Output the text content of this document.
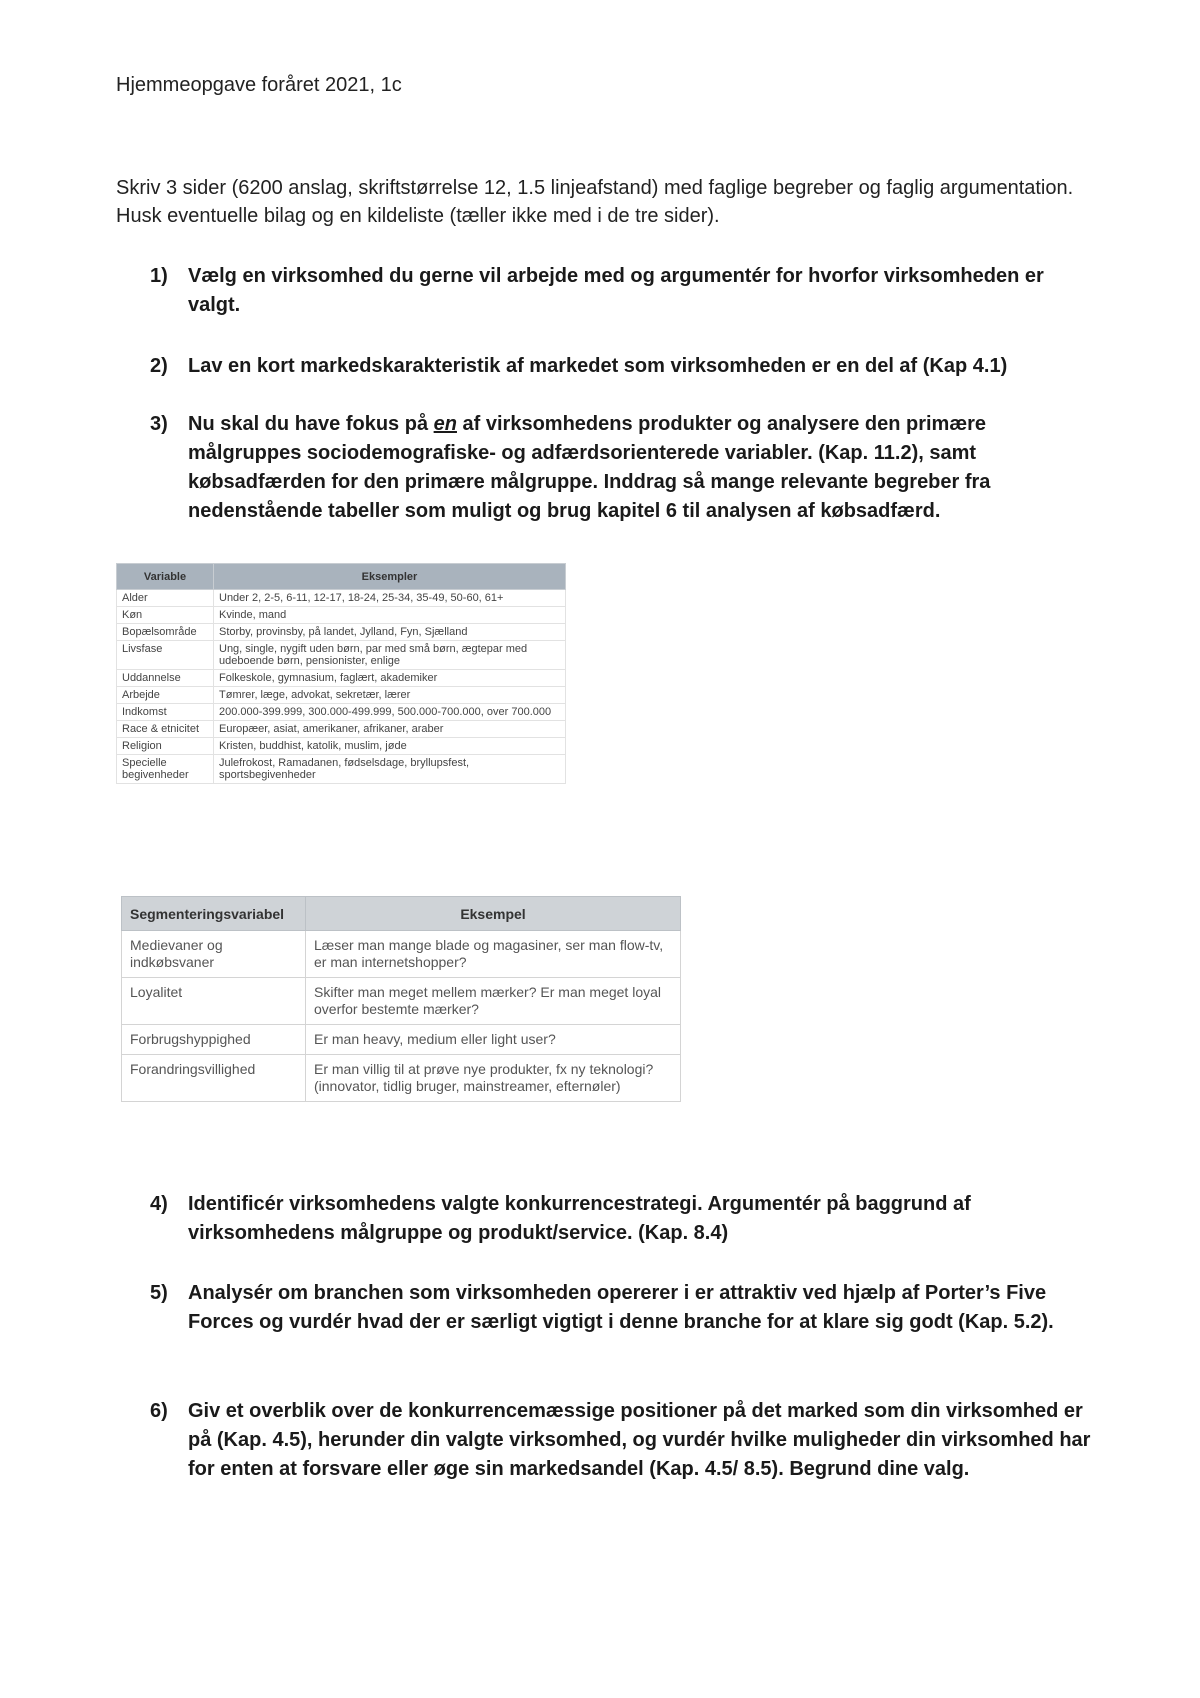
Hjemmeopgave foråret 2021, 1c
Skriv 3 sider (6200 anslag, skriftstørrelse 12, 1.5 linjeafstand) med faglige begreber og faglig argumentation. Husk eventuelle bilag og en kildeliste (tæller ikke med i de tre sider).
1)	Vælg en virksomhed du gerne vil arbejde med og argumentér for hvorfor virksomheden er valgt.
2)	Lav en kort markedskarakteristik af markedet som virksomheden er en del af (Kap 4.1)
3)	Nu skal du have fokus på en af virksomhedens produkter og analysere den primære målgruppes sociodemografiske- og adfærdsorienterede variabler. (Kap. 11.2), samt købsadfærden for den primære målgruppe. Inddrag så mange relevante begreber fra nedenstående tabeller som muligt og brug kapitel 6 til analysen af købsadfærd.
Variable	Eksempler
Alder	Under 2, 2-5, 6-11, 12-17, 18-24, 25-34, 35-49, 50-60, 61+
Køn	Kvinde, mand
Bopælsområde	Storby, provinsby, på landet, Jylland, Fyn, Sjælland
Livsfase	Ung, single, nygift uden børn, par med små børn, ægtepar med udeboende børn, pensionister, enlige
Uddannelse	Folkeskole, gymnasium, faglært, akademiker
Arbejde	Tømrer, læge, advokat, sekretær, lærer
Indkomst	200.000-399.999, 300.000-499.999, 500.000-700.000, over 700.000
Race & etnicitet	Europæer, asiat, amerikaner, afrikaner, araber
Religion	Kristen, buddhist, katolik, muslim, jøde
Specielle begivenheder	Julefrokost, Ramadanen, fødselsdage, bryllupsfest, sportsbegivenheder
Segmenteringsvariabel	Eksempel
Medievaner og indkøbsvaner	Læser man mange blade og magasiner, ser man flow-tv, er man internetshopper?
Loyalitet	Skifter man meget mellem mærker? Er man meget loyal overfor bestemte mærker?
Forbrugshyppighed	Er man heavy, medium eller light user?
Forandringsvillighed	Er man villig til at prøve nye produkter, fx ny teknologi? (innovator, tidlig bruger, mainstreamer, efternøler)
4)	Identificér virksomhedens valgte konkurrencestrategi. Argumentér på baggrund af virksomhedens målgruppe og produkt/service. (Kap. 8.4)
5)	Analysér om branchen som virksomheden opererer i er attraktiv ved hjælp af Porter’s Five Forces og vurdér hvad der er særligt vigtigt i denne branche for at klare sig godt (Kap. 5.2).
6)	Giv et overblik over de konkurrencemæssige positioner på det marked som din virksomhed er på (Kap. 4.5), herunder din valgte virksomhed, og vurdér hvilke muligheder din virksomhed har for enten at forsvare eller øge sin markedsandel (Kap. 4.5/ 8.5). Begrund dine valg.
